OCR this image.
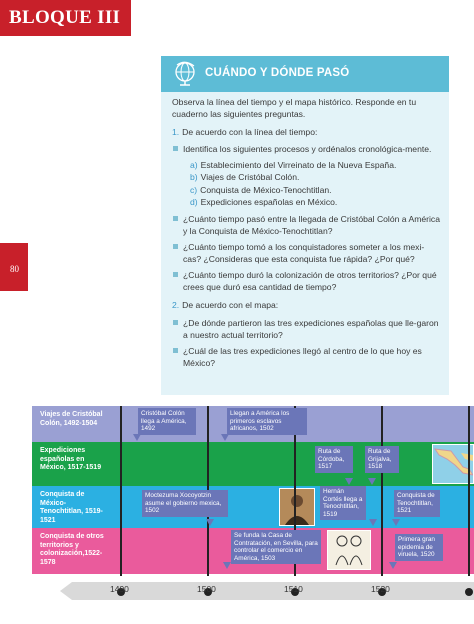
BLOQUE III
80
CUÁNDO Y DÓNDE PASÓ
Observa la línea del tiempo y el mapa histórico. Responde en tu cuaderno las siguientes preguntas.
1. De acuerdo con la línea del tiempo:
Identifica los siguientes procesos y ordénalos cronológica-mente.
a) Establecimiento del Virreinato de la Nueva España.
b) Viajes de Cristóbal Colón.
c) Conquista de México-Tenochtitlan.
d) Expediciones españolas en México.
¿Cuánto tiempo pasó entre la llegada de Cristóbal Colón a América y la Conquista de México-Tenochtitlan?
¿Cuánto tiempo tomó a los conquistadores someter a los mexi-cas? ¿Consideras que esta conquista fue rápida? ¿Por qué?
¿Cuánto tiempo duró la colonización de otros territorios? ¿Por qué crees que duró esa cantidad de tiempo?
2. De acuerdo con el mapa:
¿De dónde partieron las tres expediciones españolas que lle-garon a nuestro actual territorio?
¿Cuál de las tres expediciones llegó al centro de lo que hoy es México?
Viajes de Cristóbal Colón, 1492-1504
Expediciones españolas en México, 1517-1519
Conquista de México-Tenochtitlan, 1519-1521
Conquista de otros territorios y colonización,1522-1578
Cristóbal Colón llega a América, 1492
Llegan a América los primeros esclavos africanos, 1502
Ruta de Córdoba, 1517
Ruta de Grijalva, 1518
Moctezuma Xocoyotzin asume el gobierno mexica, 1502
Hernán Cortés llega a Tenochtitlan, 1519
Conquista de Tenochtitlan, 1521
Se funda la Casa de Contratación, en Sevilla, para controlar el comercio en América, 1503
Primera gran epidemia de viruela, 1520
1490	1500	1510	1520
